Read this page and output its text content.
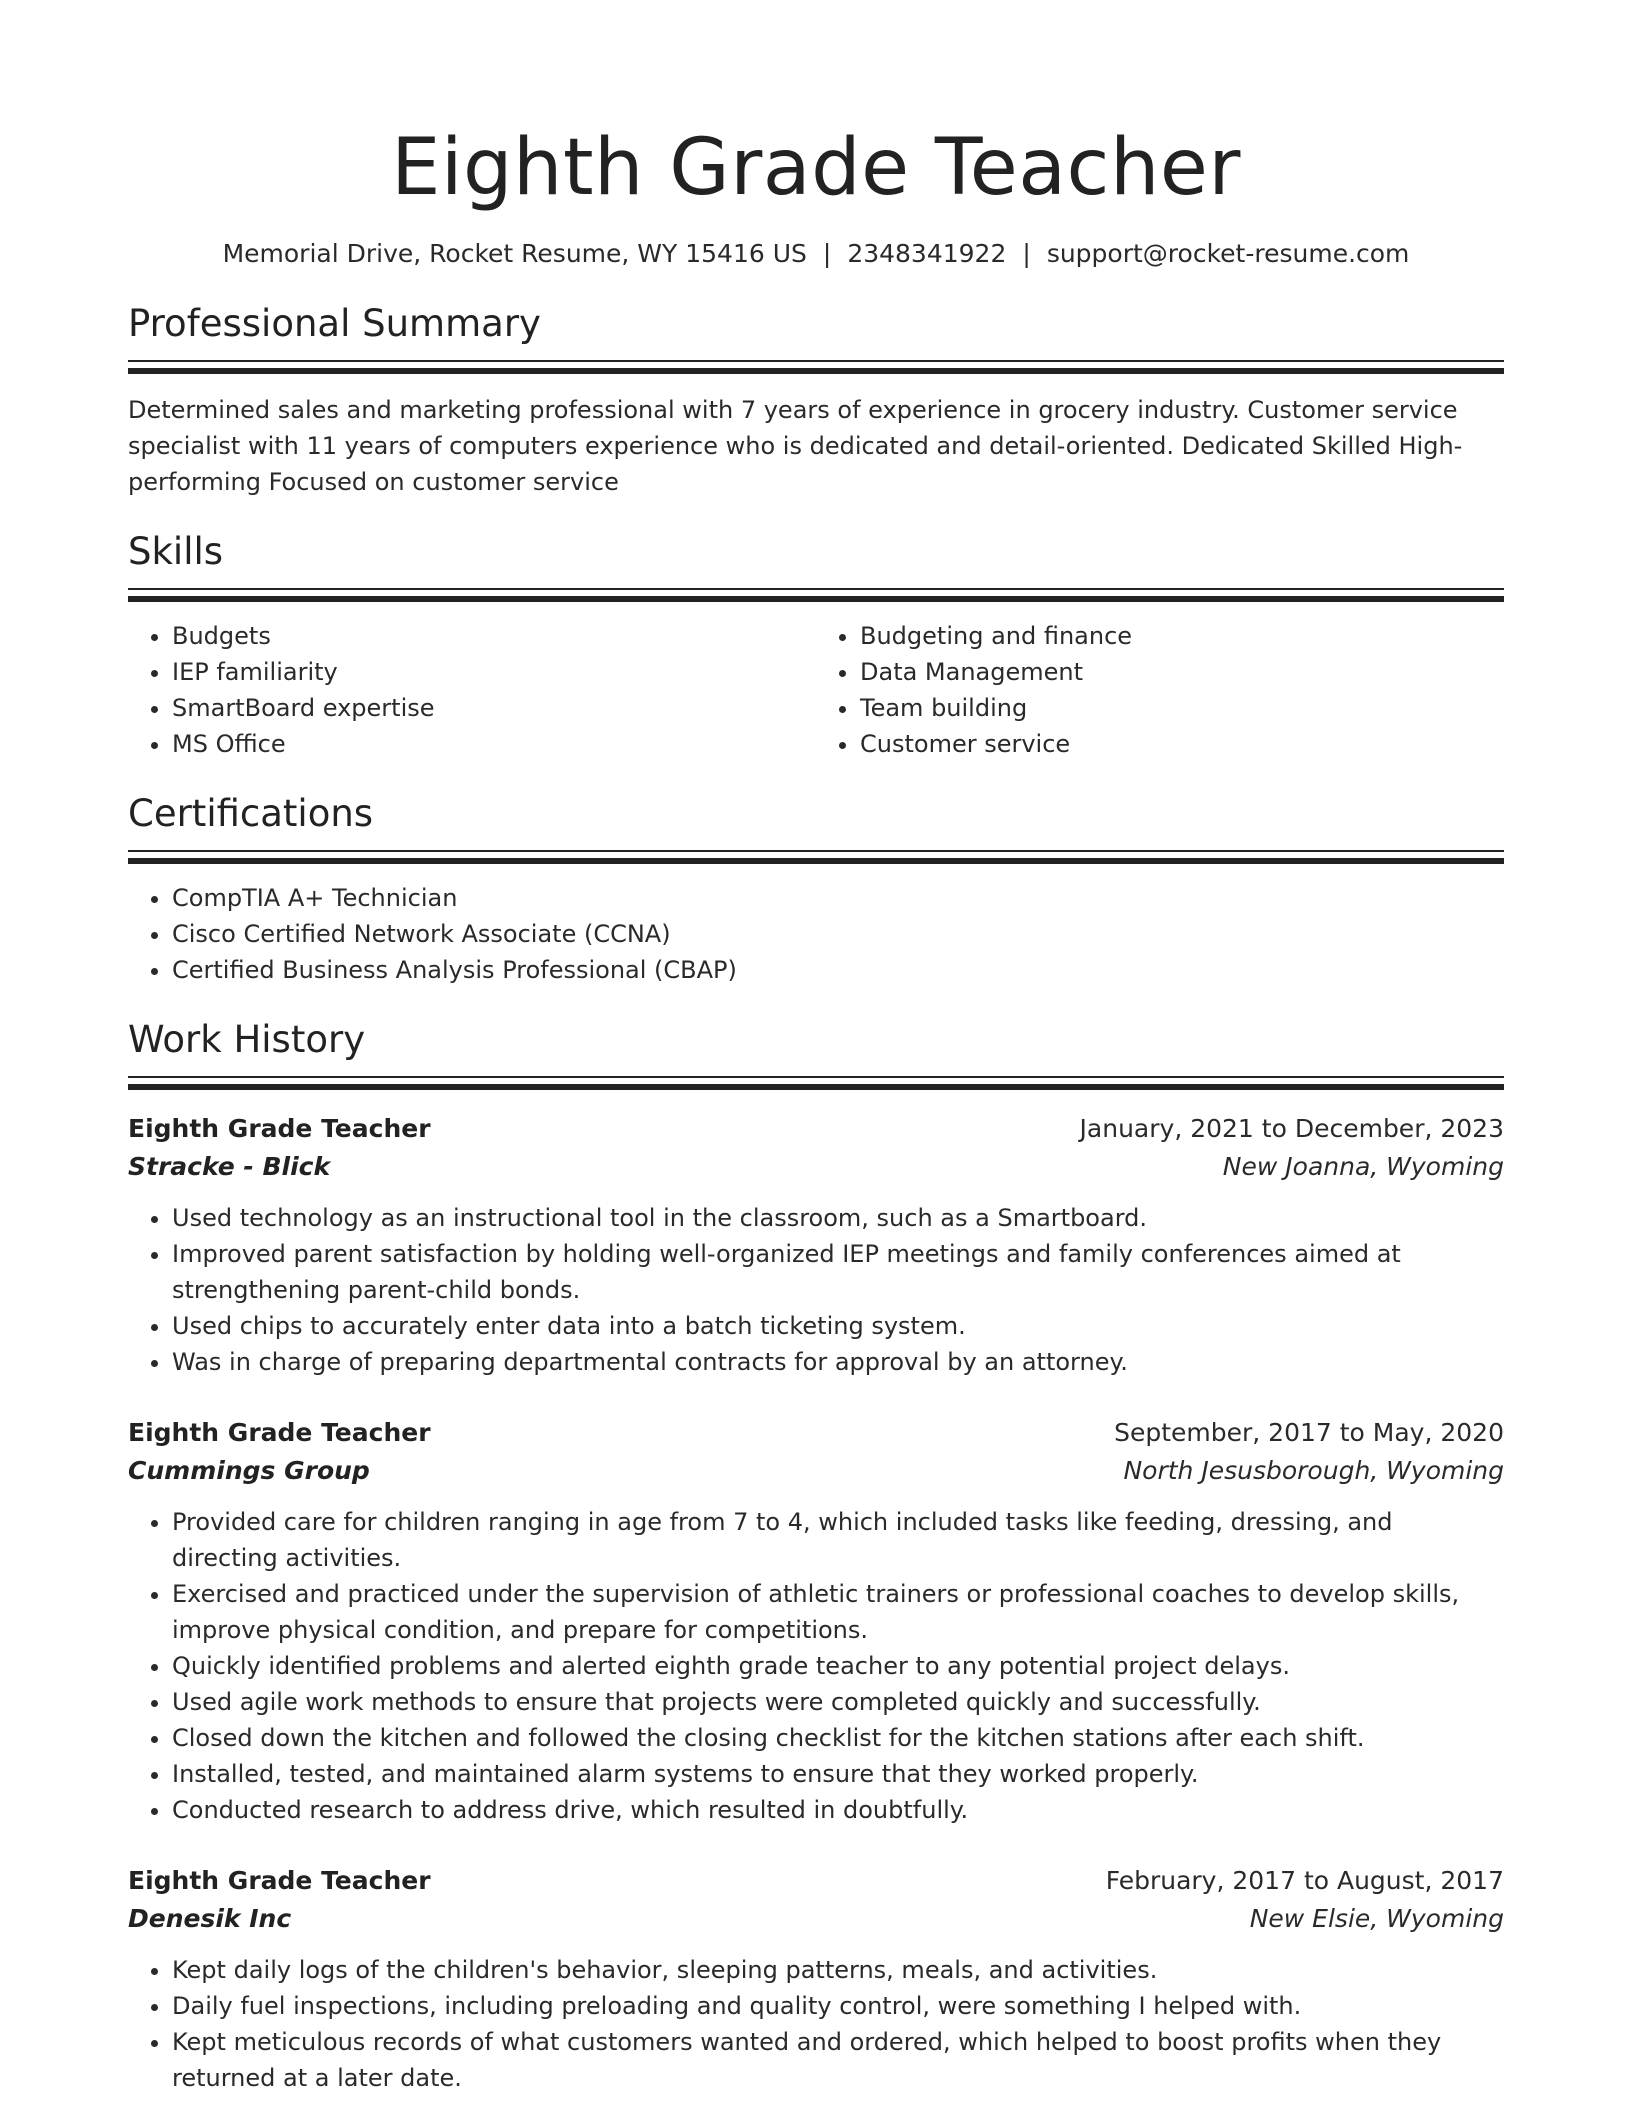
Eighth Grade Teacher
Memorial Drive, Rocket Resume, WY 15416 US | 2348341922 | support@rocket-resume.com
Professional Summary
Determined sales and marketing professional with 7 years of experience in grocery industry. Customer service specialist with 11 years of computers experience who is dedicated and detail-oriented. Dedicated Skilled High-performing Focused on customer service
Skills
• Budgets
• IEP familiarity
• SmartBoard expertise
• MS Office
• Budgeting and finance
• Data Management
• Team building
• Customer service
Certifications
• CompTIA A+ Technician
• Cisco Certified Network Associate (CCNA)
• Certified Business Analysis Professional (CBAP)
Work History
Eighth Grade Teacher	January, 2021 to December, 2023
Stracke - Blick	New Joanna, Wyoming
• Used technology as an instructional tool in the classroom, such as a Smartboard.
• Improved parent satisfaction by holding well-organized IEP meetings and family conferences aimed at strengthening parent-child bonds.
• Used chips to accurately enter data into a batch ticketing system.
• Was in charge of preparing departmental contracts for approval by an attorney.
Eighth Grade Teacher	September, 2017 to May, 2020
Cummings Group	North Jesusborough, Wyoming
• Provided care for children ranging in age from 7 to 4, which included tasks like feeding, dressing, and directing activities.
• Exercised and practiced under the supervision of athletic trainers or professional coaches to develop skills, improve physical condition, and prepare for competitions.
• Quickly identified problems and alerted eighth grade teacher to any potential project delays.
• Used agile work methods to ensure that projects were completed quickly and successfully.
• Closed down the kitchen and followed the closing checklist for the kitchen stations after each shift.
• Installed, tested, and maintained alarm systems to ensure that they worked properly.
• Conducted research to address drive, which resulted in doubtfully.
Eighth Grade Teacher	February, 2017 to August, 2017
Denesik Inc	New Elsie, Wyoming
• Kept daily logs of the children's behavior, sleeping patterns, meals, and activities.
• Daily fuel inspections, including preloading and quality control, were something I helped with.
• Kept meticulous records of what customers wanted and ordered, which helped to boost profits when they returned at a later date.
